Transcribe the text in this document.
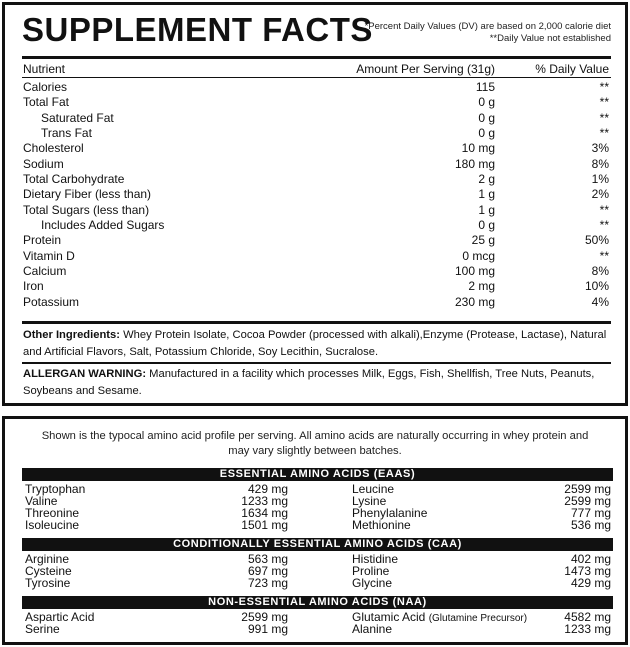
SUPPLEMENT FACTS
*Percent Daily Values (DV) are based on 2,000 calorie diet
**Daily Value not established
Nutrient	Amount Per Serving (31g)	% Daily Value
Calories	115	**
Total Fat	0 g	**
Saturated Fat	0 g	**
Trans Fat	0 g	**
Cholesterol	10 mg	3%
Sodium	180 mg	8%
Total Carbohydrate	2 g	1%
Dietary Fiber (less than)	1 g	2%
Total Sugars (less than)	1 g	**
Includes Added Sugars	0 g	**
Protein	25 g	50%
Vitamin D	0 mcg	**
Calcium	100 mg	8%
Iron	2 mg	10%
Potassium	230 mg	4%
Other Ingredients: Whey Protein Isolate, Cocoa Powder (processed with alkali),Enzyme (Protease, Lactase), Natural and Artificial Flavors, Salt, Potassium Chloride, Soy Lecithin, Sucralose.
ALLERGAN WARNING: Manufactured in a facility which processes Milk, Eggs, Fish, Shellfish, Tree Nuts, Peanuts, Soybeans and Sesame.
Shown is the typocal amino acid profile per serving. All amino acids are naturally occurring in whey protein and may vary slightly between batches.
ESSENTIAL AMINO ACIDS (EAAS)
Tryptophan	429 mg	Leucine	2599 mg
Valine	1233 mg	Lysine	2599 mg
Threonine	1634 mg	Phenylalanine	777 mg
Isoleucine	1501 mg	Methionine	536 mg
CONDITIONALLY ESSENTIAL AMINO ACIDS (CAA)
Arginine	563 mg	Histidine	402 mg
Cysteine	697 mg	Proline	1473 mg
Tyrosine	723 mg	Glycine	429 mg
NON-ESSENTIAL AMINO ACIDS (NAA)
Aspartic Acid	2599 mg	Glutamic Acid (Glutamine Precursor)	4582 mg
Serine	991 mg	Alanine	1233 mg
